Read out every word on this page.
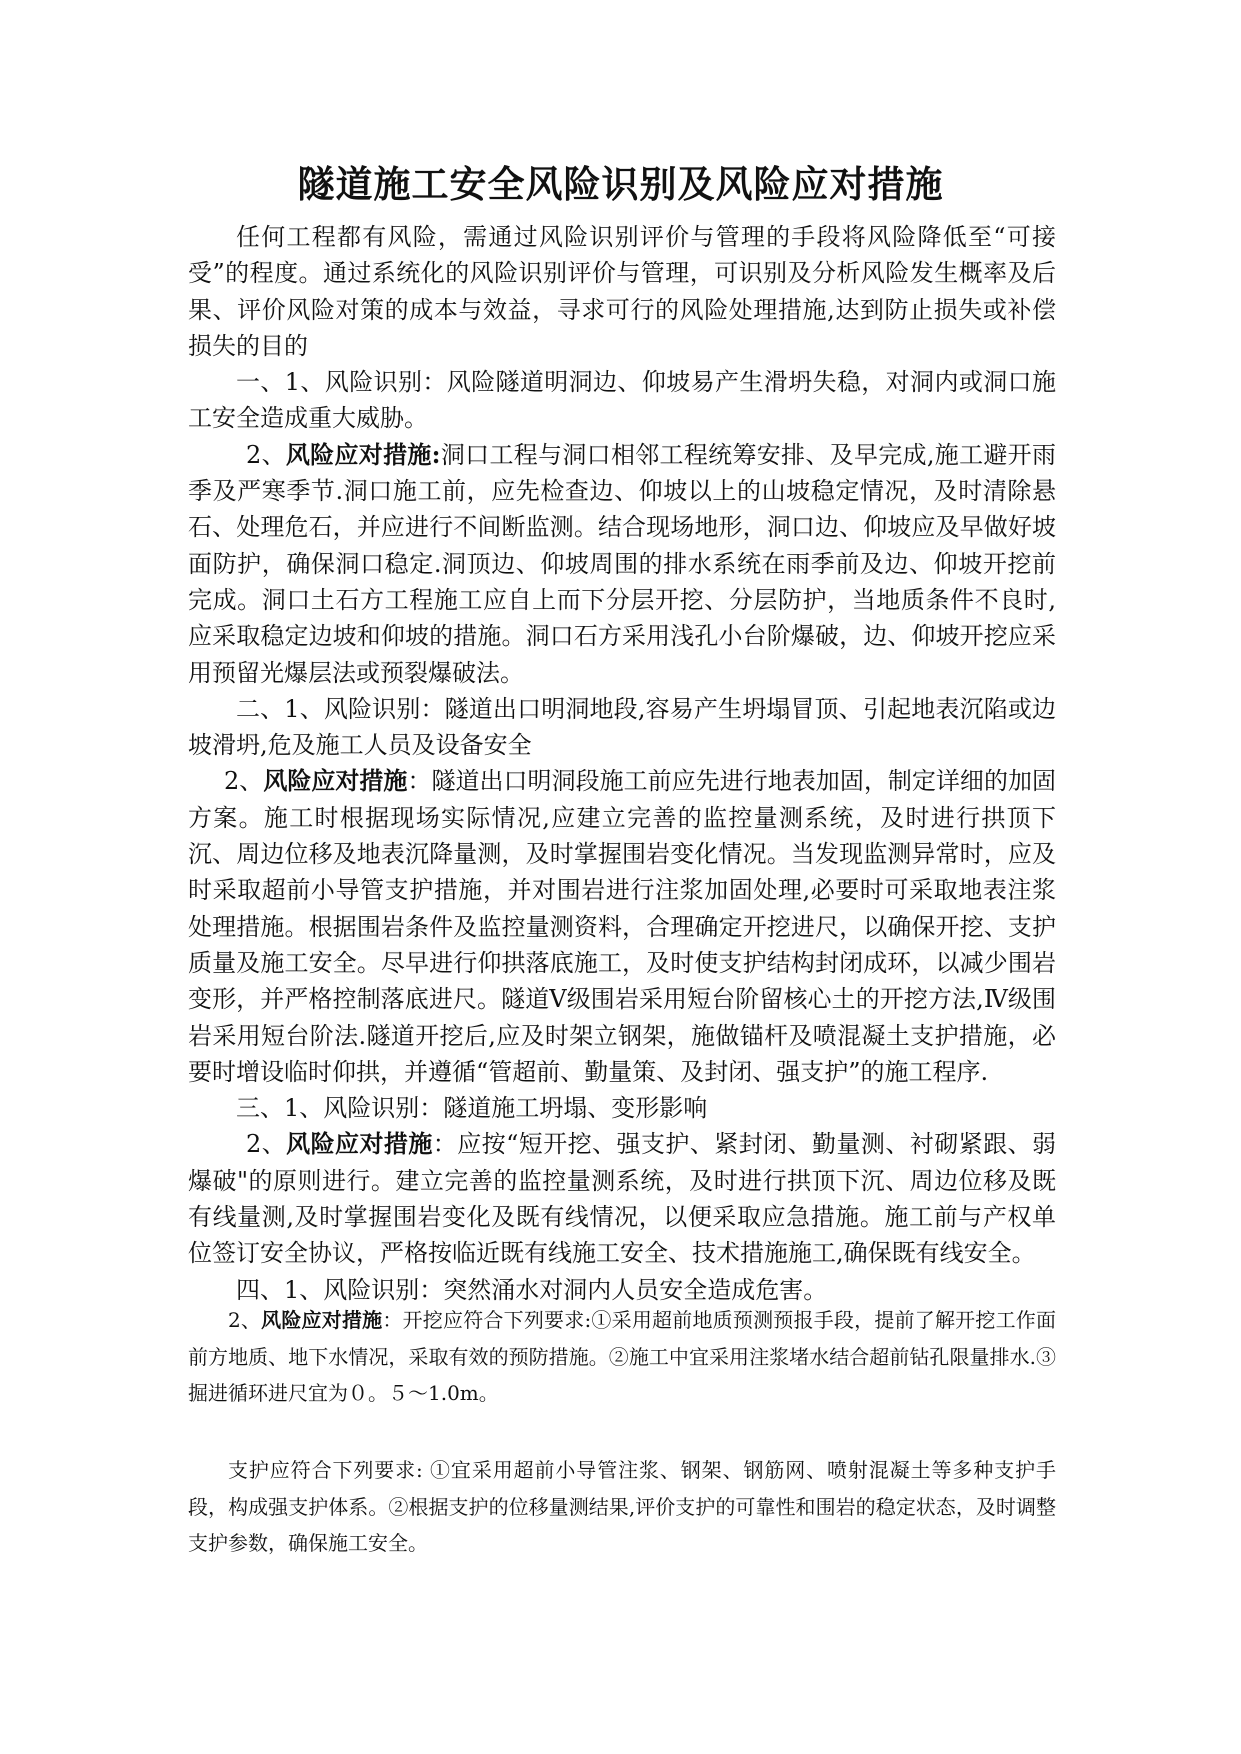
隧道施工安全风险识别及风险应对措施

任何工程都有风险，需通过风险识别评价与管理的手段将风险降低至“可接受”的程度。通过系统化的风险识别评价与管理，可识别及分析风险发生概率及后果、评价风险对策的成本与效益，寻求可行的风险处理措施,达到防止损失或补偿损失的目的

一、1、风险识别：风险隧道明洞边、仰坡易产生滑坍失稳，对洞内或洞口施工安全造成重大威胁。

2、风险应对措施:洞口工程与洞口相邻工程统筹安排、及早完成,施工避开雨季及严寒季节.洞口施工前，应先检查边、仰坡以上的山坡稳定情况，及时清除悬石、处理危石，并应进行不间断监测。结合现场地形，洞口边、仰坡应及早做好坡面防护，确保洞口稳定.洞顶边、仰坡周围的排水系统在雨季前及边、仰坡开挖前完成。洞口土石方工程施工应自上而下分层开挖、分层防护，当地质条件不良时,应采取稳定边坡和仰坡的措施。洞口石方采用浅孔小台阶爆破，边、仰坡开挖应采用预留光爆层法或预裂爆破法。

二、1、风险识别：隧道出口明洞地段,容易产生坍塌冒顶、引起地表沉陷或边坡滑坍,危及施工人员及设备安全

2、风险应对措施：隧道出口明洞段施工前应先进行地表加固，制定详细的加固方案。施工时根据现场实际情况,应建立完善的监控量测系统，及时进行拱顶下沉、周边位移及地表沉降量测，及时掌握围岩变化情况。当发现监测异常时，应及时采取超前小导管支护措施，并对围岩进行注浆加固处理,必要时可采取地表注浆处理措施。根据围岩条件及监控量测资料，合理确定开挖进尺，以确保开挖、支护质量及施工安全。尽早进行仰拱落底施工，及时使支护结构封闭成环，以减少围岩变形，并严格控制落底进尺。隧道Ⅴ级围岩采用短台阶留核心土的开挖方法,Ⅳ级围岩采用短台阶法.隧道开挖后,应及时架立钢架，施做锚杆及喷混凝土支护措施，必要时增设临时仰拱，并遵循“管超前、勤量策、及封闭、强支护”的施工程序.

三、1、风险识别：隧道施工坍塌、变形影响

2、风险应对措施：应按“短开挖、强支护、紧封闭、勤量测、衬砌紧跟、弱爆破"的原则进行。建立完善的监控量测系统，及时进行拱顶下沉、周边位移及既有线量测,及时掌握围岩变化及既有线情况，以便采取应急措施。施工前与产权单位签订安全协议，严格按临近既有线施工安全、技术措施施工,确保既有线安全。

四、1、风险识别：突然涌水对洞内人员安全造成危害。

2、风险应对措施：开挖应符合下列要求:①采用超前地质预测预报手段，提前了解开挖工作面前方地质、地下水情况，采取有效的预防措施。②施工中宜采用注浆堵水结合超前钻孔限量排水.③掘进循环进尺宜为０。５～1.0m。

支护应符合下列要求: ①宜采用超前小导管注浆、钢架、钢筋网、喷射混凝土等多种支护手段，构成强支护体系。②根据支护的位移量测结果,评价支护的可靠性和围岩的稳定状态，及时调整支护参数，确保施工安全。
